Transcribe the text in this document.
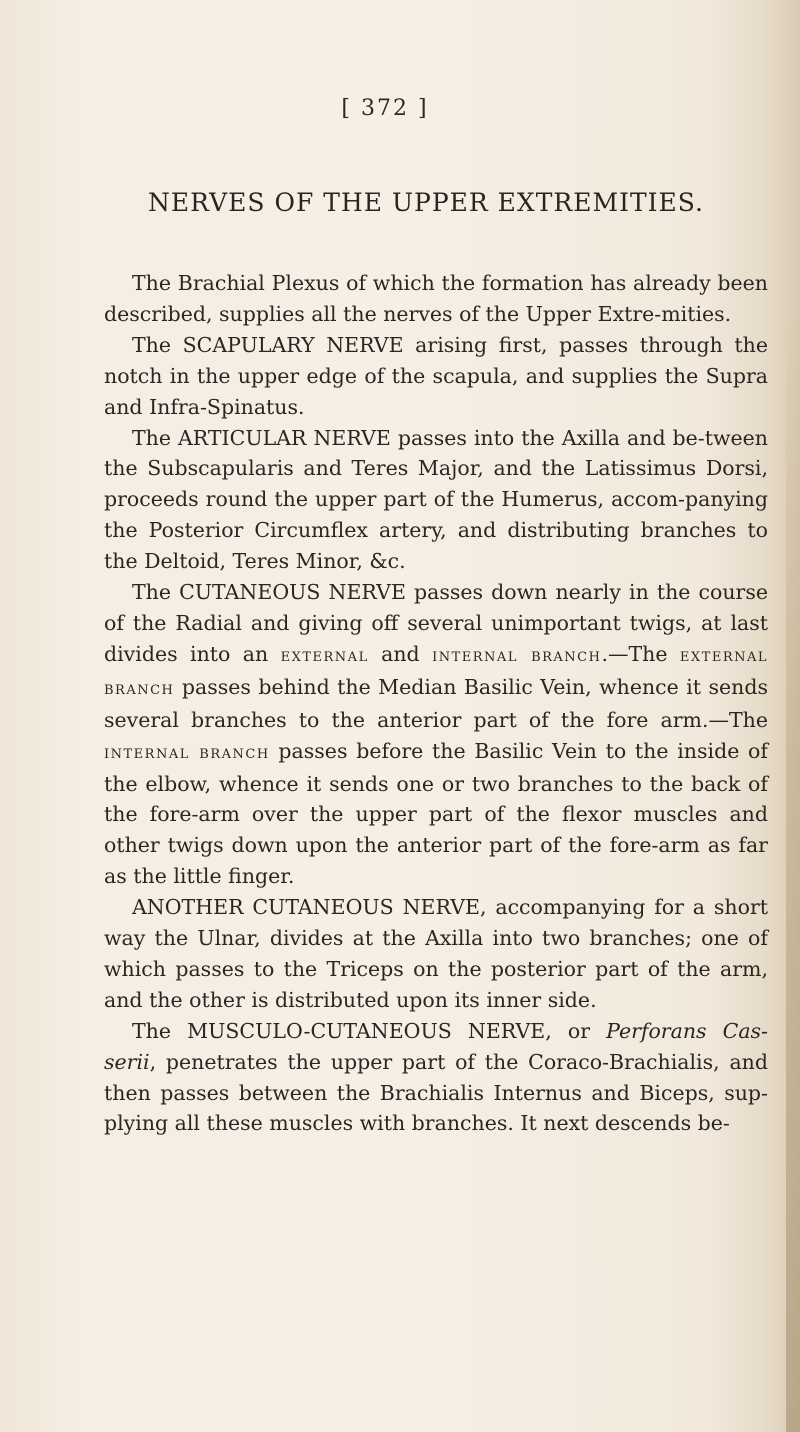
[ 372 ]
NERVES OF THE UPPER EXTREMITIES.

The Brachial Plexus of which the formation has already been described, supplies all the nerves of the Upper Extre-mities.

The SCAPULARY NERVE arising first, passes through the notch in the upper edge of the scapula, and supplies the Supra and Infra-Spinatus.

The ARTICULAR NERVE passes into the Axilla and be-tween the Subscapularis and Teres Major, and the Latissimus Dorsi, proceeds round the upper part of the Humerus, accom-panying the Posterior Circumflex artery, and distributing branches to the Deltoid, Teres Minor, &c.

The CUTANEOUS NERVE passes down nearly in the course of the Radial and giving off several unimportant twigs, at last divides into an external and internal branch.—The external branch passes behind the Median Basilic Vein, whence it sends several branches to the anterior part of the fore arm.—The internal branch passes before the Basilic Vein to the inside of the elbow, whence it sends one or two branches to the back of the fore-arm over the upper part of the flexor muscles and other twigs down upon the anterior part of the fore-arm as far as the little finger.

ANOTHER CUTANEOUS NERVE, accompanying for a short way the Ulnar, divides at the Axilla into two branches; one of which passes to the Triceps on the posterior part of the arm, and the other is distributed upon its inner side.

The MUSCULO-CUTANEOUS NERVE, or Perforans Cas-serii, penetrates the upper part of the Coraco-Brachialis, and then passes between the Brachialis Internus and Biceps, sup-plying all these muscles with branches. It next descends be-
